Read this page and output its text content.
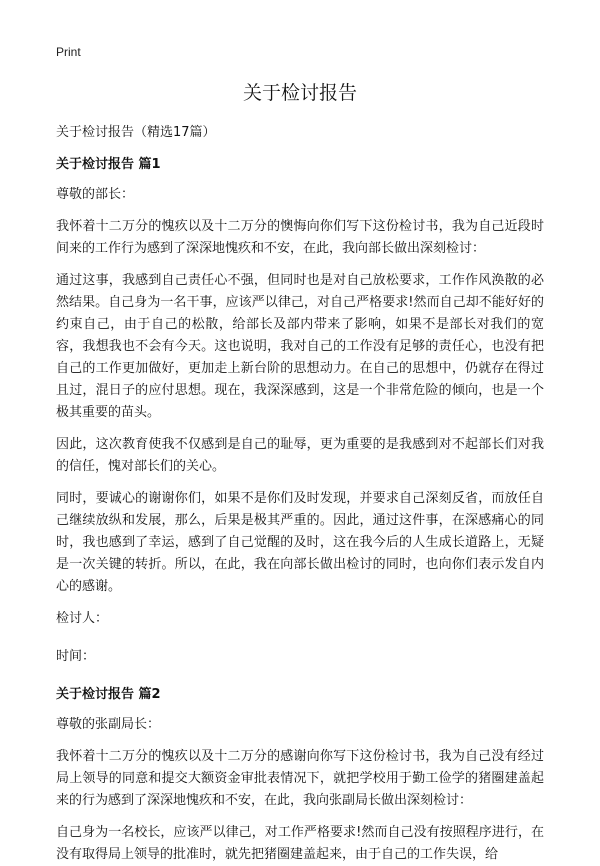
Print
关于检讨报告
关于检讨报告（精选17篇）
关于检讨报告 篇1
尊敬的部长：
我怀着十二万分的愧疚以及十二万分的懊悔向你们写下这份检讨书，我为自己近段时间来的工作行为感到了深深地愧疚和不安，在此，我向部长做出深刻检讨：
通过这事，我感到自己责任心不强，但同时也是对自己放松要求，工作作风涣散的必然结果。自己身为一名干事，应该严以律己，对自己严格要求!然而自己却不能好好的约束自己，由于自己的松散，给部长及部内带来了影响，如果不是部长对我们的宽容，我想我也不会有今天。这也说明，我对自己的工作没有足够的责任心，也没有把自己的工作更加做好，更加走上新台阶的思想动力。在自己的思想中，仍就存在得过且过，混日子的应付思想。现在，我深深感到，这是一个非常危险的倾向，也是一个极其重要的苗头。
因此，这次教育使我不仅感到是自己的耻辱，更为重要的是我感到对不起部长们对我的信任，愧对部长们的关心。
同时，要诚心的谢谢你们，如果不是你们及时发现，并要求自己深刻反省，而放任自己继续放纵和发展，那么，后果是极其严重的。因此，通过这件事，在深感痛心的同时，我也感到了幸运，感到了自己觉醒的及时，这在我今后的人生成长道路上，无疑是一次关键的转折。所以，在此，我在向部长做出检讨的同时，也向你们表示发自内心的感谢。
检讨人：
时间：
关于检讨报告 篇2
尊敬的张副局长：
我怀着十二万分的愧疚以及十二万分的感谢向你写下这份检讨书，我为自己没有经过局上领导的同意和提交大额资金审批表情况下，就把学校用于勤工俭学的猪圈建盖起来的行为感到了深深地愧疚和不安，在此，我向张副局长做出深刻检讨：
自己身为一名校长，应该严以律己，对工作严格要求!然而自己没有按照程序进行，在没有取得局上领导的批准时，就先把猪圈建盖起来，由于自己的工作失误，给
